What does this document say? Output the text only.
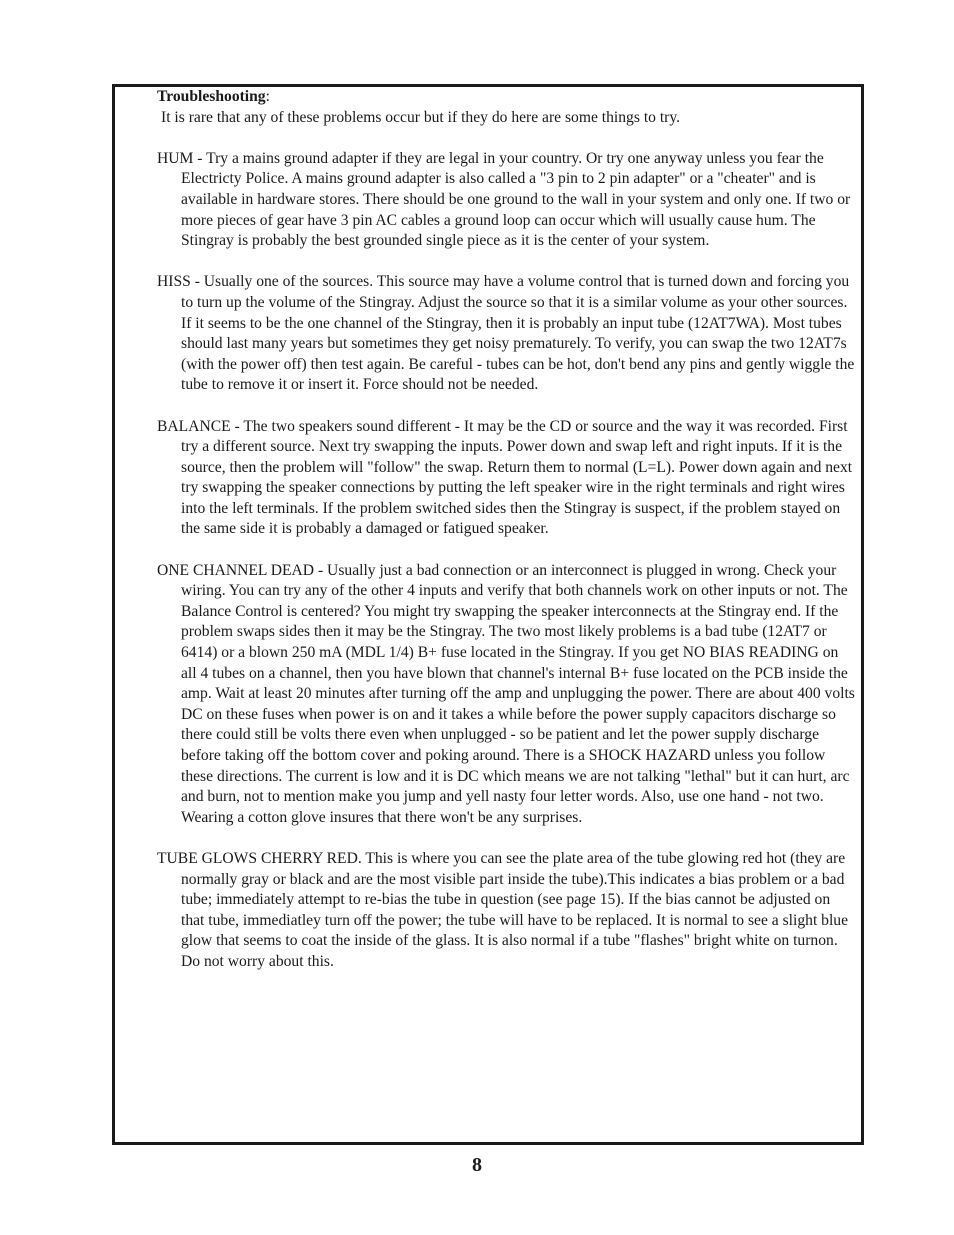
Troubleshooting:

It is rare that any of these problems occur but if they do here are some things to try.

HUM - Try a mains ground adapter if they are legal in your country. Or try one anyway unless you fear the Electricty Police. A mains ground adapter is also called a "3 pin to 2 pin adapter" or a "cheater" and is available in hardware stores. There should be one ground to the wall in your system and only one. If two or more pieces of gear have 3 pin AC cables a ground loop can occur which will usually cause hum. The Stingray is probably the best grounded single piece as it is the center of your system.

HISS - Usually one of the sources. This source may have a volume control that is turned down and forcing you to turn up the volume of the Stingray. Adjust the source so that it is a similar volume as your other sources. If it seems to be the one channel of the Stingray, then it is probably an input tube (12AT7WA). Most tubes should last many years but sometimes they get noisy prematurely. To verify, you can swap the two 12AT7s (with the power off) then test again. Be careful - tubes can be hot, don't bend any pins and gently wiggle the tube to remove it or insert it. Force should not be needed.

BALANCE - The two speakers sound different - It may be the CD or source and the way it was recorded. First try a different source. Next try swapping the inputs. Power down and swap left and right inputs. If it is the source, then the problem will "follow" the swap. Return them to normal (L=L). Power down again and next try swapping the speaker connections by putting the left speaker wire in the right terminals and right wires into the left terminals. If the problem switched sides then the Stingray is suspect, if the problem stayed on the same side it is probably a damaged or fatigued speaker.

ONE CHANNEL DEAD - Usually just a bad connection or an interconnect is plugged in wrong. Check your wiring. You can try any of the other 4 inputs and verify that both channels work on other inputs or not. The Balance Control is centered? You might try swapping the speaker interconnects at the Stingray end. If the problem swaps sides then it may be the Stingray. The two most likely problems is a bad tube (12AT7 or 6414) or a blown 250 mA (MDL 1/4) B+ fuse located in the Stingray. If you get NO BIAS READING on all 4 tubes on a channel, then you have blown that channel's internal B+ fuse located on the PCB inside the amp. Wait at least 20 minutes after turning off the amp and unplugging the power. There are about 400 volts DC on these fuses when power is on and it takes a while before the power supply capacitors discharge so there could still be volts there even when unplugged - so be patient and let the power supply discharge before taking off the bottom cover and poking around. There is a SHOCK HAZARD unless you follow these directions. The current is low and it is DC which means we are not talking "lethal" but it can hurt, arc and burn, not to mention make you jump and yell nasty four letter words. Also, use one hand - not two. Wearing a cotton glove insures that there won't be any surprises.

TUBE GLOWS CHERRY RED. This is where you can see the plate area of the tube glowing red hot (they are normally gray or black and are the most visible part inside the tube).This indicates a bias problem or a bad tube; immediately attempt to re-bias the tube in question (see page 15). If the bias cannot be adjusted on that tube, immediatley turn off the power; the tube will have to be replaced. It is normal to see a slight blue glow that seems to coat the inside of the glass. It is also normal if a tube "flashes" bright white on turnon. Do not worry about this.

8
